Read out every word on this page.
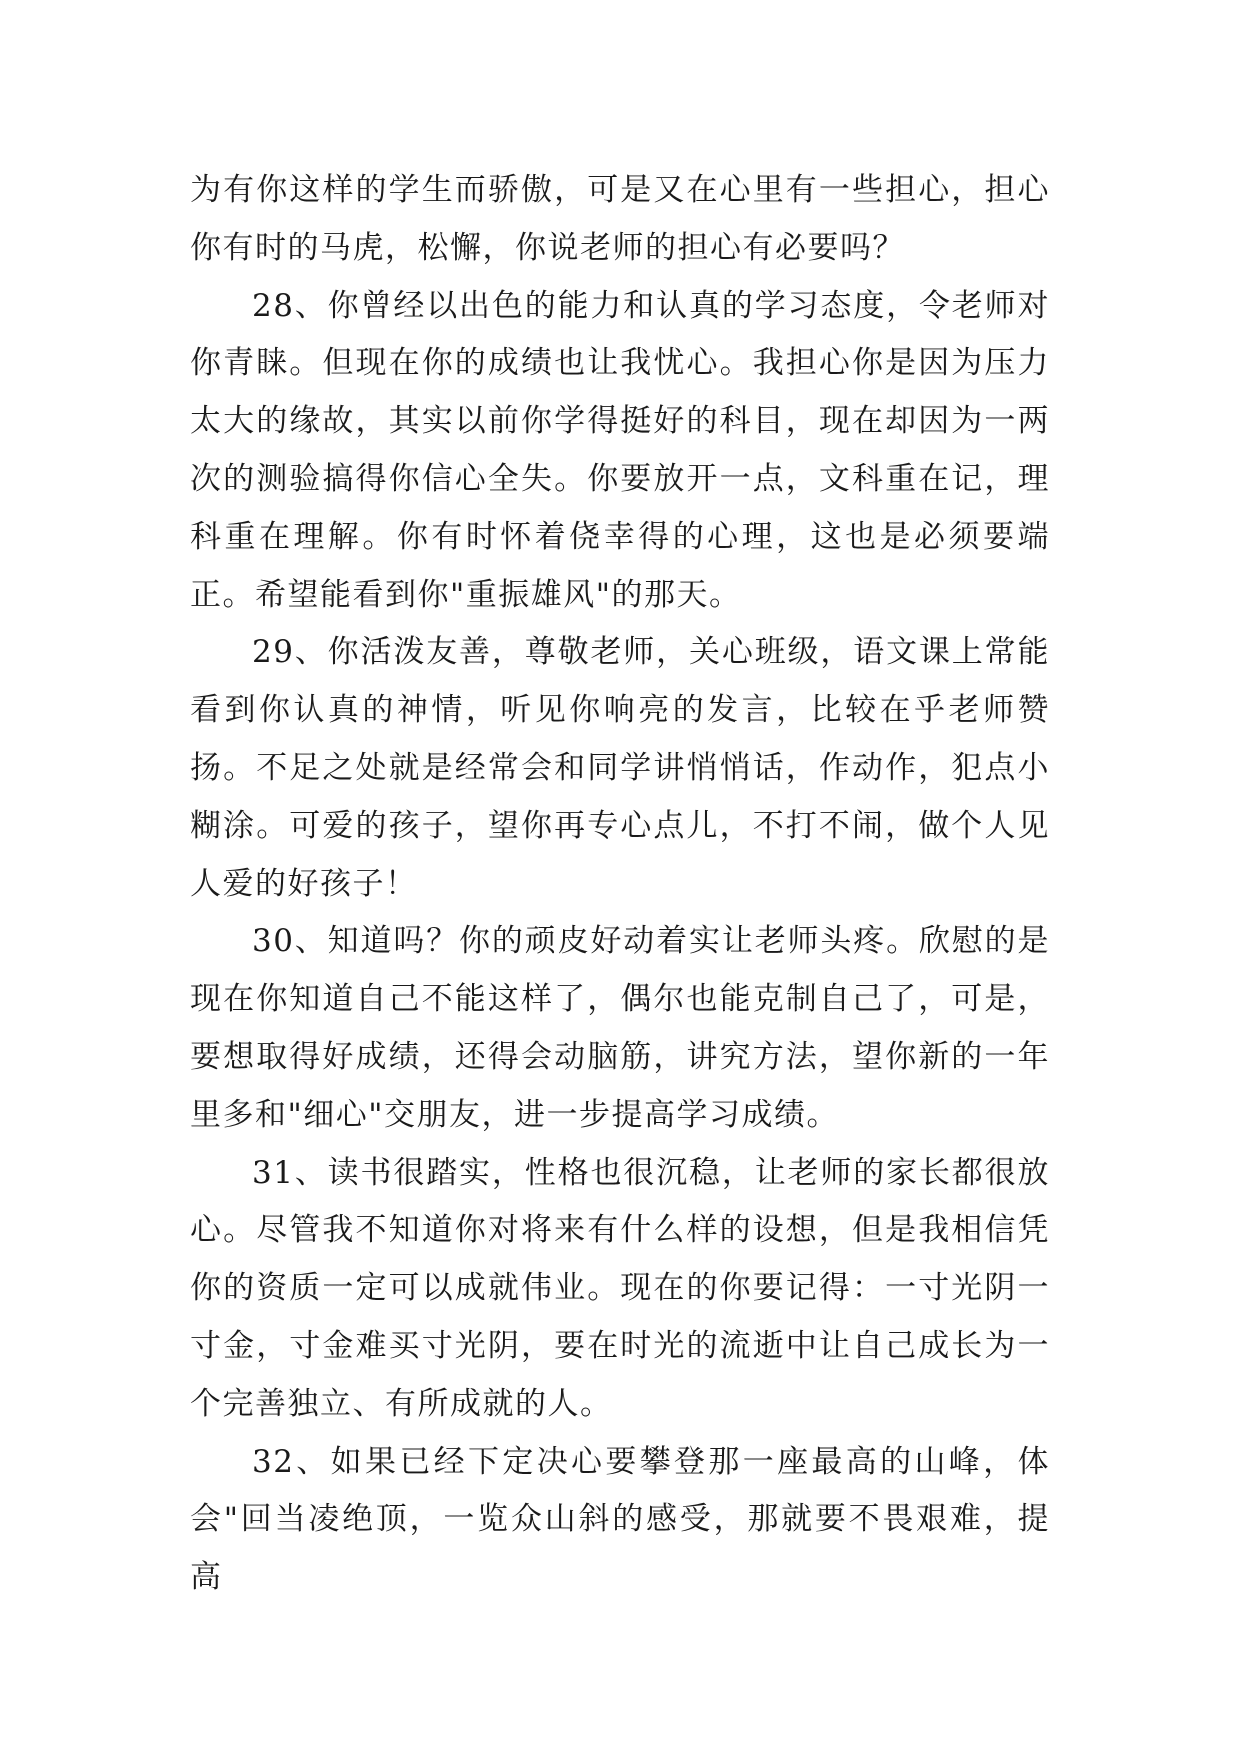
为有你这样的学生而骄傲，可是又在心里有一些担心，担心你有时的马虎，松懈，你说老师的担心有必要吗？

28、你曾经以出色的能力和认真的学习态度，令老师对你青睐。但现在你的成绩也让我忧心。我担心你是因为压力太大的缘故，其实以前你学得挺好的科目，现在却因为一两次的测验搞得你信心全失。你要放开一点，文科重在记，理科重在理解。你有时怀着侥幸得的心理，这也是必须要端正。希望能看到你"重振雄风"的那天。

29、你活泼友善，尊敬老师，关心班级，语文课上常能看到你认真的神情，听见你响亮的发言，比较在乎老师赞扬。不足之处就是经常会和同学讲悄悄话，作动作，犯点小糊涂。可爱的孩子，望你再专心点儿，不打不闹，做个人见人爱的好孩子！

30、知道吗？你的顽皮好动着实让老师头疼。欣慰的是现在你知道自己不能这样了，偶尔也能克制自己了，可是，要想取得好成绩，还得会动脑筋，讲究方法，望你新的一年里多和"细心"交朋友，进一步提高学习成绩。

31、读书很踏实，性格也很沉稳，让老师的家长都很放心。尽管我不知道你对将来有什么样的设想，但是我相信凭你的资质一定可以成就伟业。现在的你要记得：一寸光阴一寸金，寸金难买寸光阴，要在时光的流逝中让自己成长为一个完善独立、有所成就的人。

32、如果已经下定决心要攀登那一座最高的山峰，体会"回当凌绝顶，一览众山斜的感受，那就要不畏艰难，提高
